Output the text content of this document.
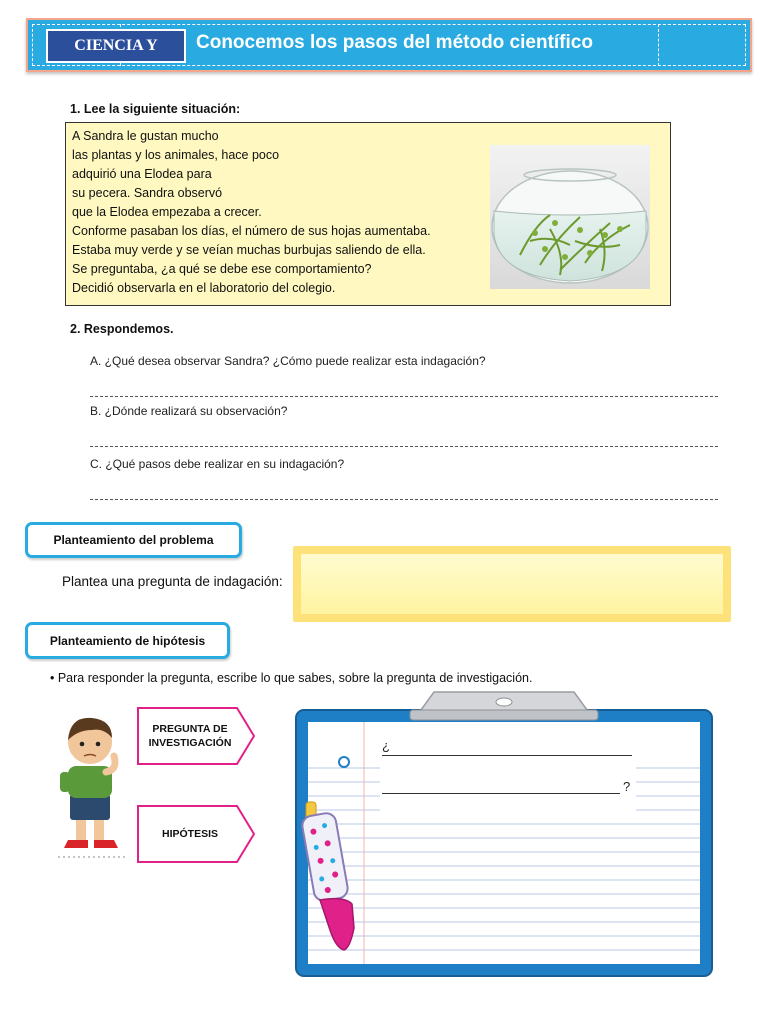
CIENCIA Y	Conocemos los pasos del método científico
1. Lee la siguiente situación:
A Sandra le gustan mucho
las plantas y los animales, hace poco
adquirió una Elodea para
su pecera. Sandra observó
que la Elodea empezaba a crecer.
Conforme pasaban los días, el número de sus hojas aumentaba.
Estaba muy verde y se veían muchas burbujas saliendo de ella.
Se preguntaba, ¿a qué se debe ese comportamiento?
Decidió observarla en el laboratorio del colegio.
2. Respondemos.
A. ¿Qué desea observar Sandra? ¿Cómo puede realizar esta indagación?
B. ¿Dónde realizará su observación?
C. ¿Qué pasos debe realizar en su indagación?
Planteamiento del problema
Plantea una pregunta de indagación:
Planteamiento de hipótesis
• Para responder la pregunta, escribe lo que sabes, sobre la pregunta de investigación.
PREGUNTA DE
INVESTIGACIÓN
HIPÓTESIS
¿
?
